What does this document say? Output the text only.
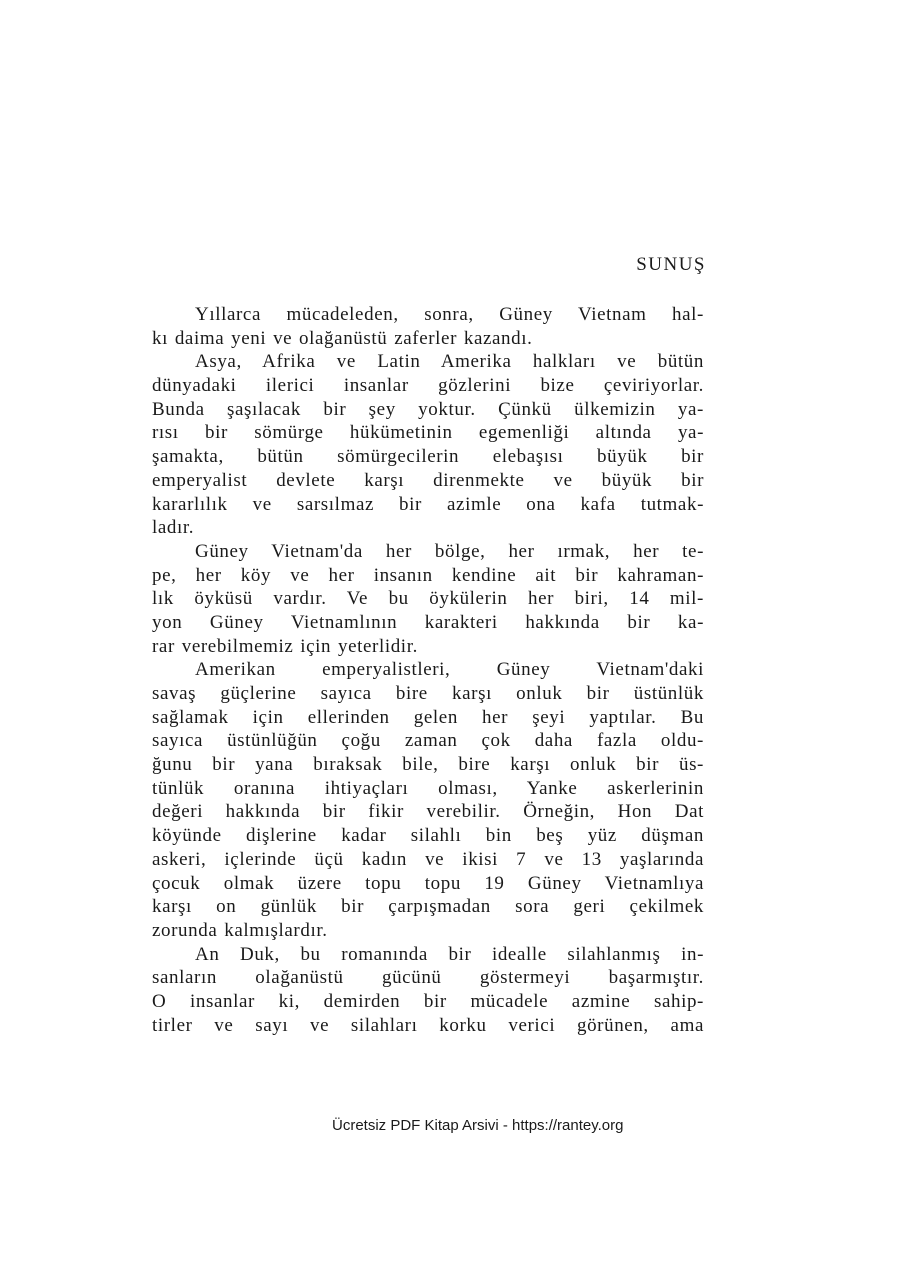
SUNUŞ
Yıllarca mücadeleden, sonra, Güney Vietnam hal-
kı daima yeni ve olağanüstü zaferler kazandı.
Asya, Afrika ve Latin Amerika halkları ve bütün
dünyadaki ilerici insanlar gözlerini bize çeviriyorlar.
Bunda şaşılacak bir şey yoktur. Çünkü ülkemizin ya-
rısı bir sömürge hükümetinin egemenliği altında ya-
şamakta, bütün sömürgecilerin elebaşısı büyük bir
emperyalist devlete karşı direnmekte ve büyük bir
kararlılık ve sarsılmaz bir azimle ona kafa tutmak-
ladır.
Güney Vietnam'da her bölge, her ırmak, her te-
pe, her köy ve her insanın kendine ait bir kahraman-
lık öyküsü vardır. Ve bu öykülerin her biri, 14 mil-
yon Güney Vietnamlının karakteri hakkında bir ka-
rar verebilmemiz için yeterlidir.
Amerikan emperyalistleri, Güney Vietnam'daki
savaş güçlerine sayıca bire karşı onluk bir üstünlük
sağlamak için ellerinden gelen her şeyi yaptılar. Bu
sayıca üstünlüğün çoğu zaman çok daha fazla oldu-
ğunu bir yana bıraksak bile, bire karşı onluk bir üs-
tünlük oranına ihtiyaçları olması, Yanke askerlerinin
değeri hakkında bir fikir verebilir. Örneğin, Hon Dat
köyünde dişlerine kadar silahlı bin beş yüz düşman
askeri, içlerinde üçü kadın ve ikisi 7 ve 13 yaşlarında
çocuk olmak üzere topu topu 19 Güney Vietnamlıya
karşı on günlük bir çarpışmadan sora geri çekilmek
zorunda kalmışlardır.
An Duk, bu romanında bir idealle silahlanmış in-
sanların olağanüstü gücünü göstermeyi başarmıştır.
O insanlar ki, demirden bir mücadele azmine sahip-
tirler ve sayı ve silahları korku verici görünen, ama
Ücretsiz PDF Kitap Arsivi - https://rantey.org
